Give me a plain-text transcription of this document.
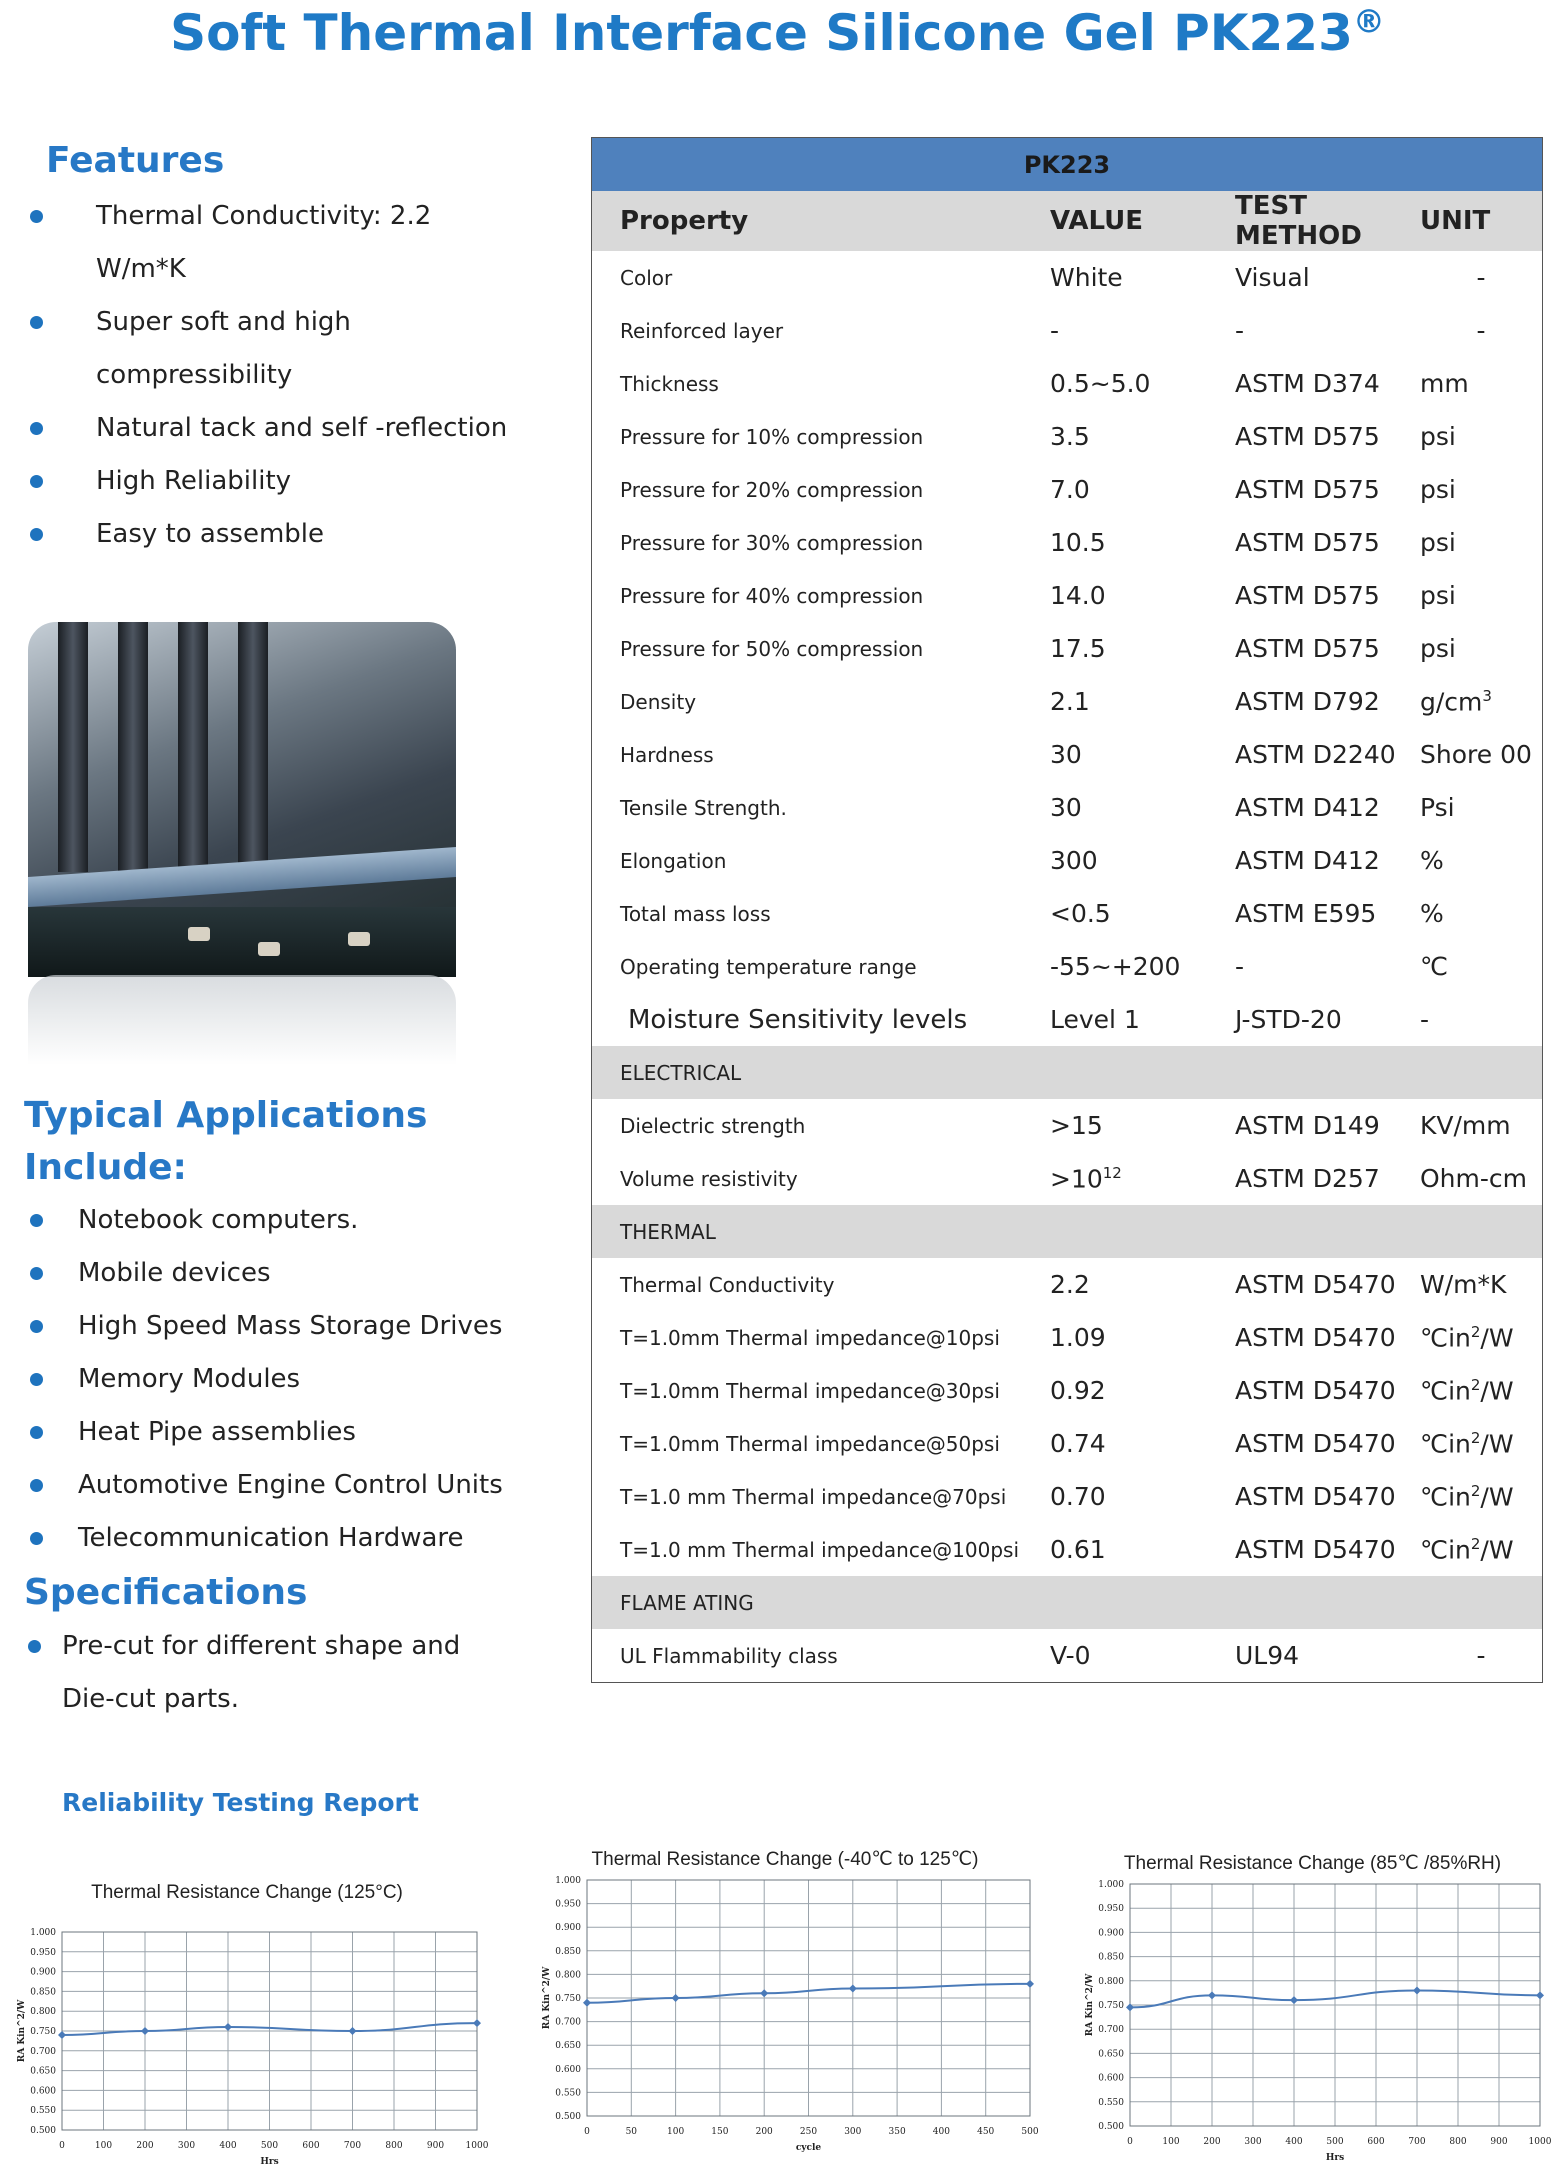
Soft Thermal Interface Silicone Gel PK223®
Features
Thermal Conductivity: 2.2
W/m*K
Super soft and high
compressibility
Natural tack and self -reflection
High Reliability
Easy to assemble
Typical Applications
Include:
Notebook computers.
Mobile devices
High Speed Mass Storage Drives
Memory Modules
Heat Pipe assemblies
Automotive Engine Control Units
Telecommunication Hardware
Specifications
Pre-cut for different shape and
Die-cut parts.
PK223			
Property	VALUE	TEST METHOD	UNIT
Color	White	Visual	-
Reinforced layer	-	-	-
Thickness	0.5~5.0	ASTM D374	mm
Pressure for 10% compression	3.5	ASTM D575	psi
Pressure for 20% compression	7.0	ASTM D575	psi
Pressure for 30% compression	10.5	ASTM D575	psi
Pressure for 40% compression	14.0	ASTM D575	psi
Pressure for 50% compression	17.5	ASTM D575	psi
Density	2.1	ASTM D792	$g/cm^3$
Hardness	30	ASTM D2240	Shore 00
Tensile Strength.	30	ASTM D412	Psi
Elongation	300	ASTM D412	%
Total mass loss	<0.5	ASTM E595	%
Operating temperature range	-55~+200	-	℃
Moisture Sensitivity levels	Level 1	J-STD-20	-
ELECTRICAL			
Dielectric strength	>15	ASTM D149	KV/mm
Volume resistivity	$>10^{12}$	ASTM D257	Ohm-cm
THERMAL			
Thermal Conductivity	2.2	ASTM D5470	W/m*K
T=1.0mm Thermal impedance@10psi	1.09	ASTM D5470	$℃in^2/W$
T=1.0mm Thermal impedance@30psi	0.92	ASTM D5470	$℃in^2/W$
T=1.0mm Thermal impedance@50psi	0.74	ASTM D5470	$℃in^2/W$
T=1.0 mm Thermal impedance@70psi	0.70	ASTM D5470	$℃in^2/W$
T=1.0 mm Thermal impedance@100psi	0.61	ASTM D5470	$℃in^2/W$
FLAME ATING			
UL Flammability class	V-0	UL94	-
Reliability Testing Report
Thermal Resistance Change (125°C)
1.000
0.950
0.900
0.850
0.800
0.750
0.700
0.650
0.600
0.550
0.500
0	100	200	300	400	500	600	700	800	900 1000
Hrs
RA Kin^2/W
Thermal Resistance Change (-40℃ to 125℃)
1.000
0.950
0.900
0.850
0.800
0.750
0.700
0.650
0.600
0.550
0.500
0	50	100	150	200	250	300	350	400	450	500
cycle
RA Kin^2/W
Thermal Resistance Change (85℃ /85%RH)
1.000
0.950
0.900
0.850
0.800
0.750
0.700
0.650
0.600
0.550
0.500
0	100	200	300	400	500	600	700	800	900 1000
Hrs
RA Kin^2/W
